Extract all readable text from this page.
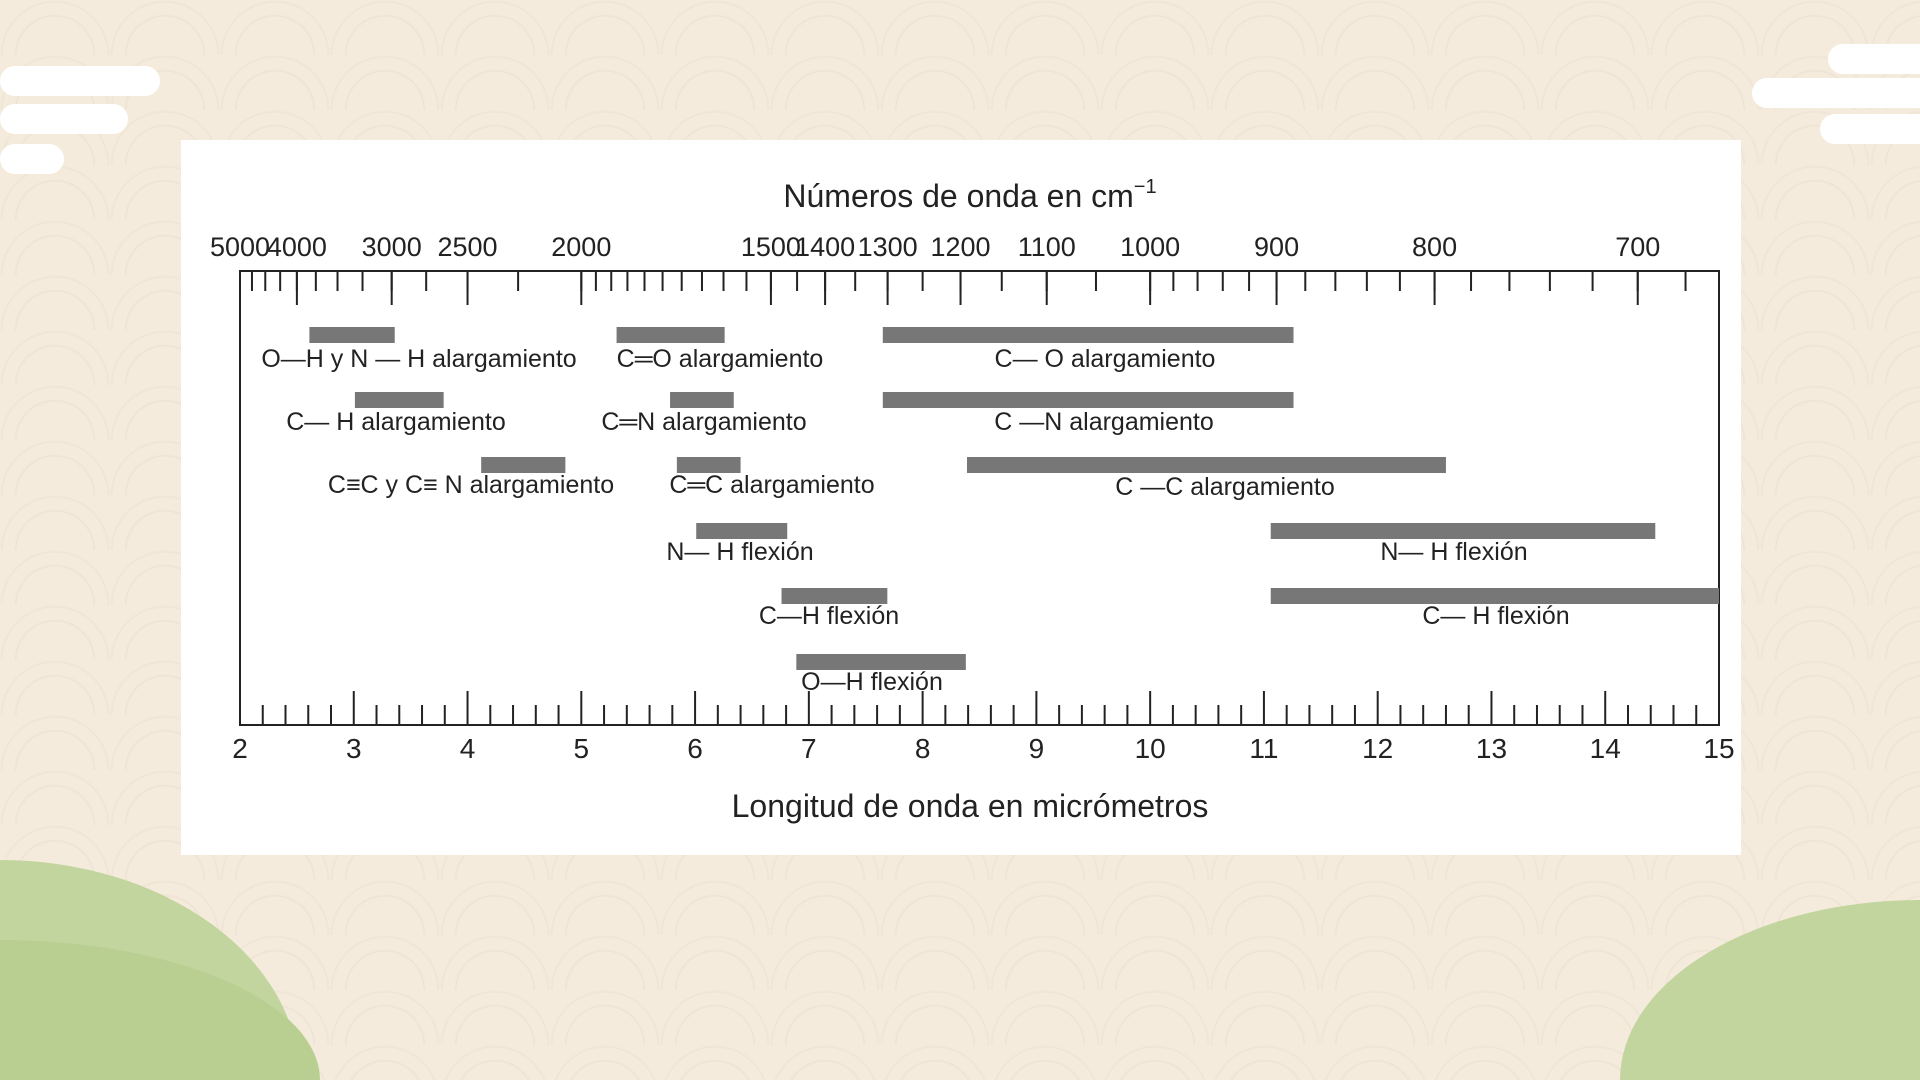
Números de onda en $cm^{-1}$
Longitud de onda en micrómetros
2	3	4	5	6	7	8	9	10	11	12	13	14	15
5000
4000 3000 2500 2000	1500
1400 1300 1200 1100 1000	900	800	700
O—H y N — H alargamiento C═O alargamiento	C— O alargamiento
C— H alargamiento	C═N alargamiento	C —N alargamiento
C≡C y C≡ N alargamiento C═C alargamiento	C —C alargamiento
N— H flexión	N— H flexión
C—H flexión	C— H flexión
O—H flexión
